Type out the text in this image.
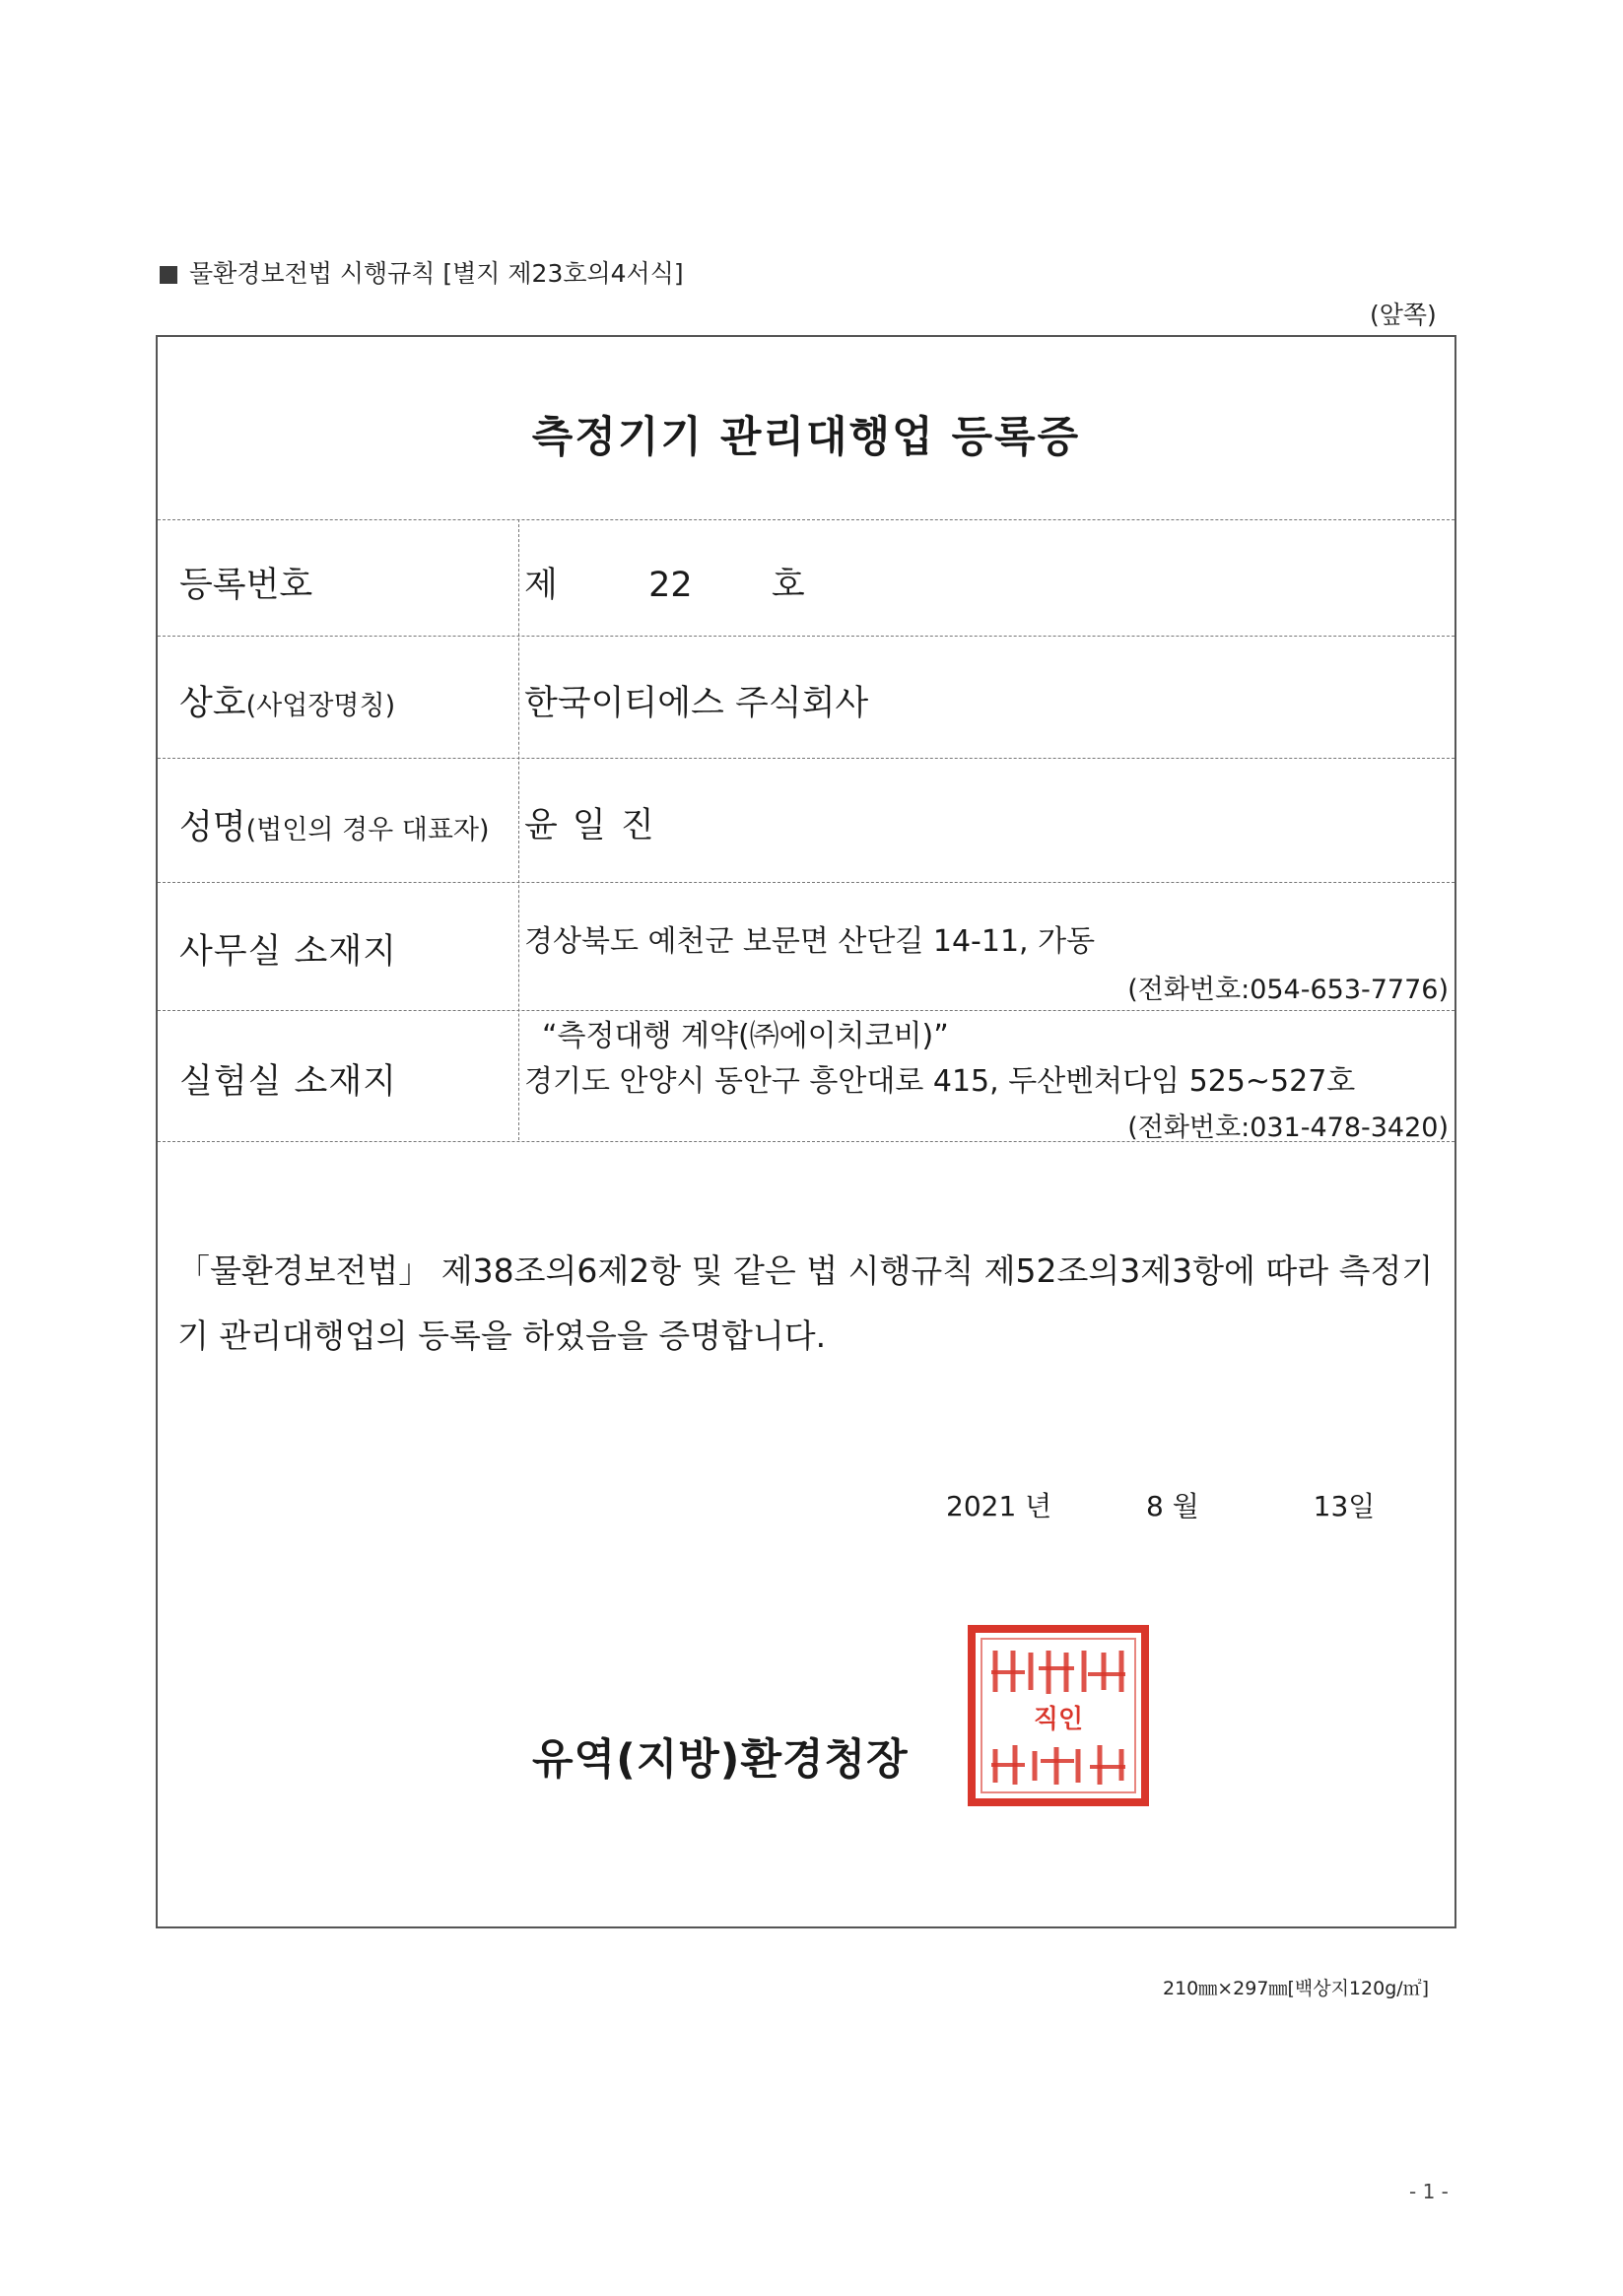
물환경보전법 시행규칙 [별지 제23호의4서식]
(앞쪽)
측정기기 관리대행업 등록증
등록번호	제	22 호
상호(사업장명칭)	한국이티에스 주식회사
성명(법인의 경우 대표자) 윤 일 진
사무실 소재지	경상북도 예천군 보문면 산단길 14-11, 가동
(전화번호:054-653-7776)
실험실 소재지
“측정대행 계약(㈜에이치코비)”
경기도 안양시 동안구 흥안대로 415, 두산벤처다임 525~527호
(전화번호:031-478-3420)
「물환경보전법」 제38조의6제2항 및 같은 법 시행규칙 제52조의3제3항에 따라 측정기기 관리대행업의 등록을 하였음을 증명합니다.
2021 년	8 월	13일
유역(지방)환경청장
직인
210㎜×297㎜[백상지120g/㎡]
- 1 -
